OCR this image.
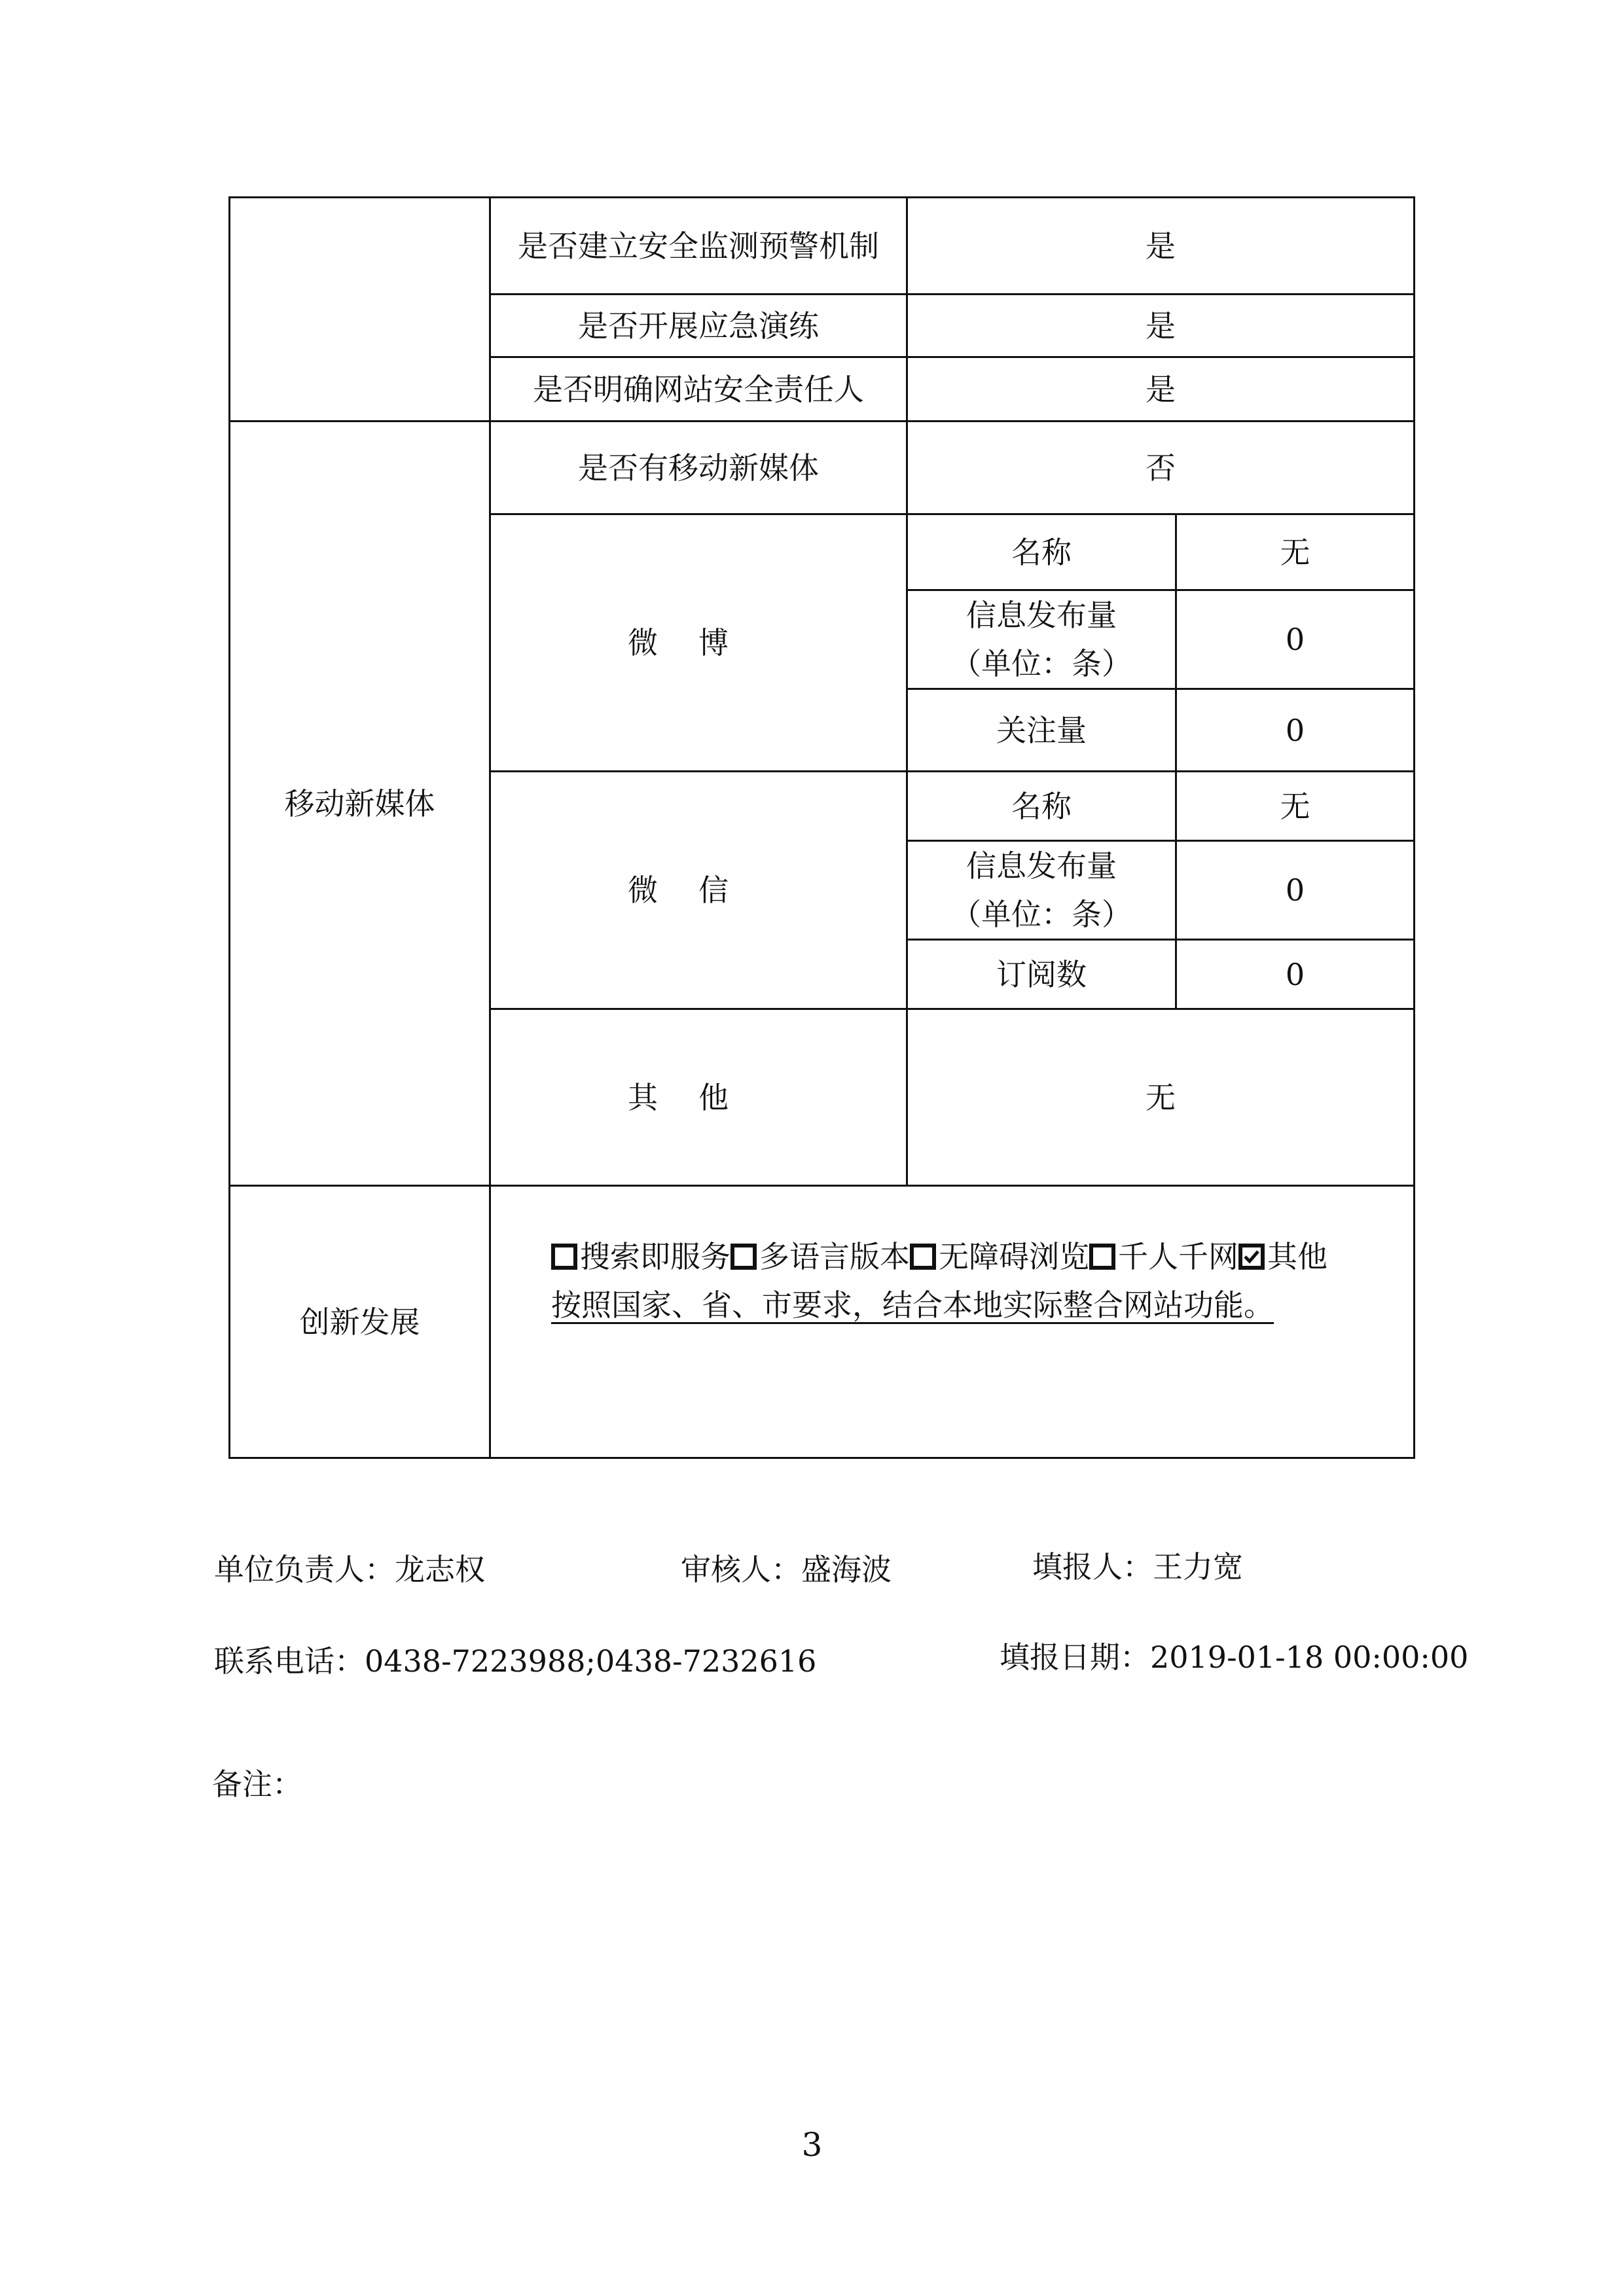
	是否建立安全监测预警机制	是	
	是否开展应急演练	是	
	是否明确网站安全责任人	是	
移动新媒体	是否有移动新媒体	否	
	微博	名称	无

		信息发布量
（单位：条）	0
		关注量	0
	微信	名称	无

		信息发布量
（单位：条）	0
		订阅数	0
	其他	无	
创新发展	搜索即服务 多语言版本 无障碍浏览 千人千网 其他
按照国家、省、市要求，结合本地实际整合网站功能。		
单位负责人：龙志权	审核人：盛海波	填报人：王力宽
联系电话：0438-7223988;0438-7232616	填报日期：2019-01-18 00:00:00
备注：
3
